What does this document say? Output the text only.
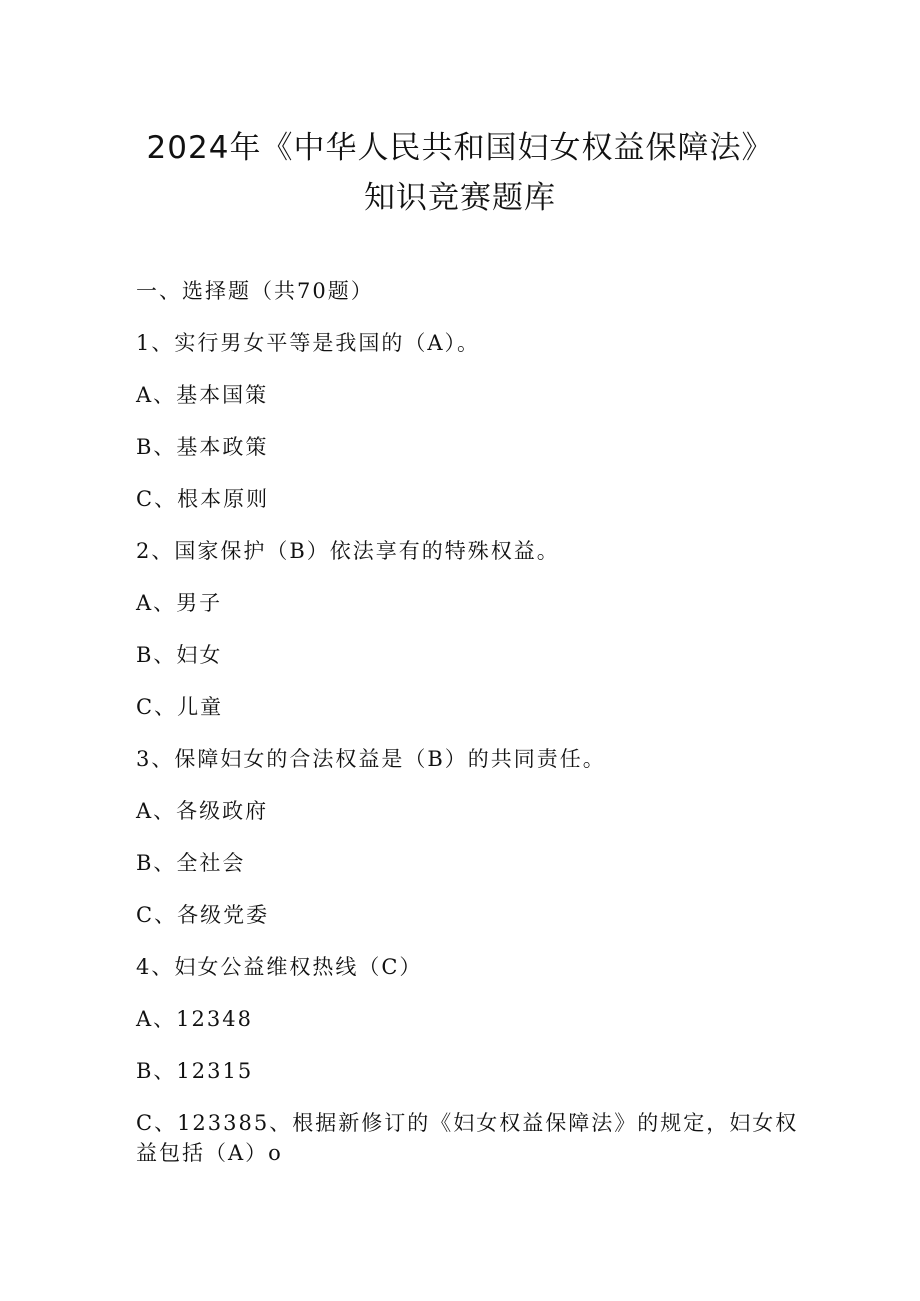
2024年《中华人民共和国妇女权益保障法》
知识竞赛题库
一、选择题（共70题）
1、实行男女平等是我国的（A）。
A、基本国策
B、基本政策
C、根本原则
2、国家保护（B）依法享有的特殊权益。
A、男子
B、妇女
C、儿童
3、保障妇女的合法权益是（B）的共同责任。
A、各级政府
B、全社会
C、各级党委
4、妇女公益维权热线（C）
A、12348
B、12315
C、123385、根据新修订的《妇女权益保障法》的规定，妇女权
益包括（A）o
